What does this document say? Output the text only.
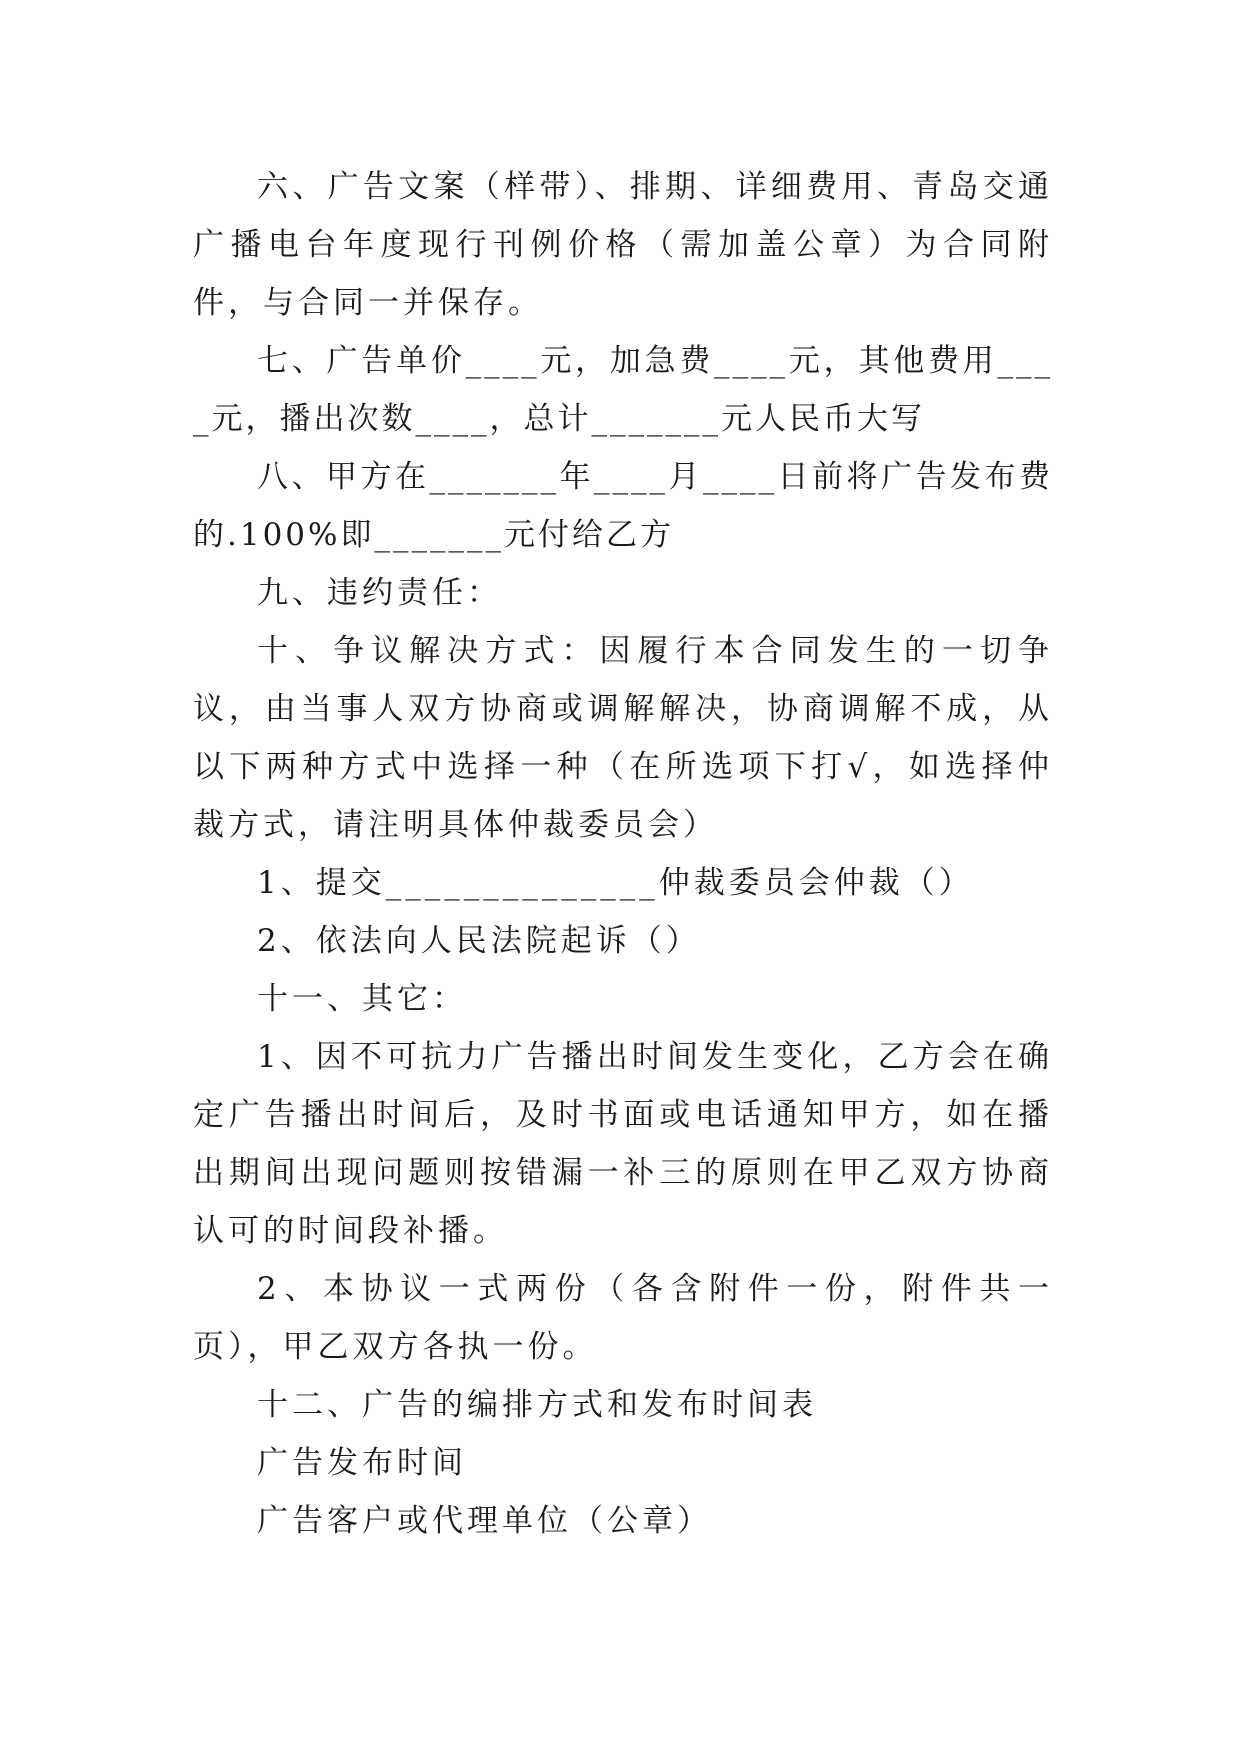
六、广告文案（样带）、排期、详细费用、青岛交通广播电台年度现行刊例价格（需加盖公章）为合同附件，与合同一并保存。

七、广告单价____元，加急费____元，其他费用____元，播出次数____，总计_______元人民币大写

八、甲方在_______年____月____日前将广告发布费的.100%即_______元付给乙方

九、违约责任：

十、争议解决方式：因履行本合同发生的一切争议，由当事人双方协商或调解解决，协商调解不成，从以下两种方式中选择一种（在所选项下打√，如选择仲裁方式，请注明具体仲裁委员会）

1、提交______________仲裁委员会仲裁（）

2、依法向人民法院起诉（）

十一、其它：

1、因不可抗力广告播出时间发生变化，乙方会在确定广告播出时间后，及时书面或电话通知甲方，如在播出期间出现问题则按错漏一补三的原则在甲乙双方协商认可的时间段补播。

2、本协议一式两份（各含附件一份，附件共一页），甲乙双方各执一份。

十二、广告的编排方式和发布时间表

广告发布时间

广告客户或代理单位（公章）
